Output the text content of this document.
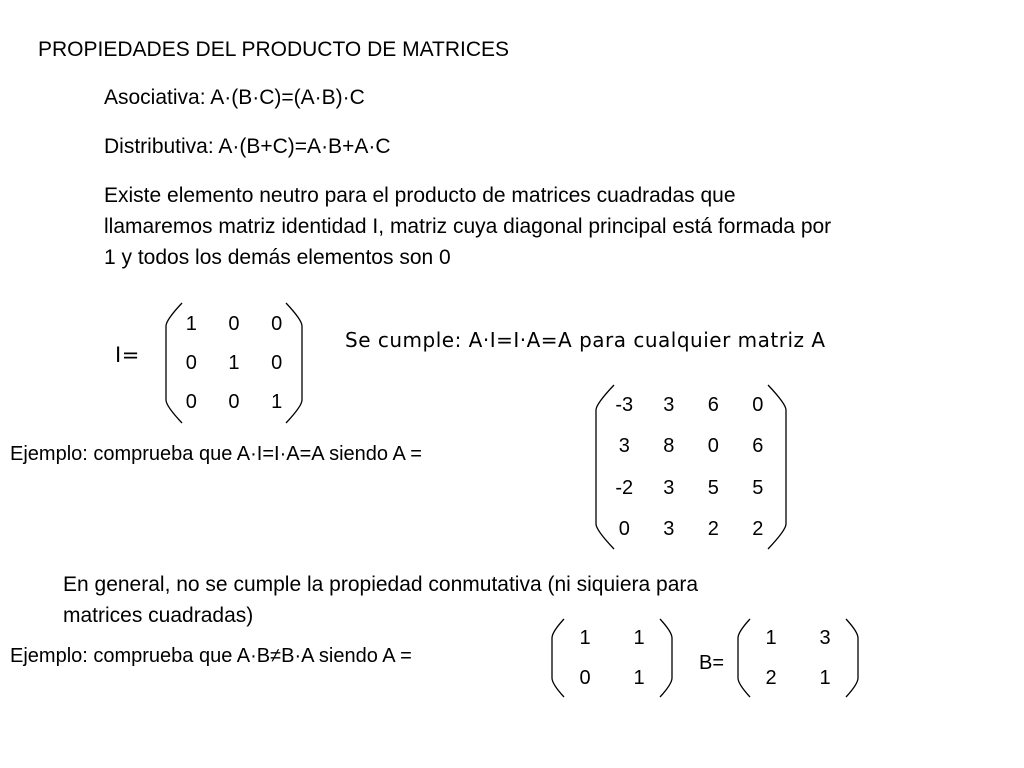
PROPIEDADES DEL PRODUCTO DE MATRICES
Asociativa: A·(B·C)=(A·B)·C
Distributiva: A·(B+C)=A·B+A·C
Existe elemento neutro para el producto de matrices cuadradas que
llamaremos matriz identidad I, matriz cuya diagonal principal está formada por
1 y todos los demás elementos son 0
I=
1	0	0
0	1	0
0	0	1
Se cumple: A·I=I·A=A para cualquier matriz A
Ejemplo: comprueba que A·I=I·A=A siendo A =
-3	3	6	0
3	8	0	6
-2	3	5	5
0	3	2	2
En general, no se cumple la propiedad conmutativa (ni siquiera para
matrices cuadradas)
Ejemplo: comprueba que A·B≠B·A siendo A =
1	1
0	1
B=
1	3
2	1
